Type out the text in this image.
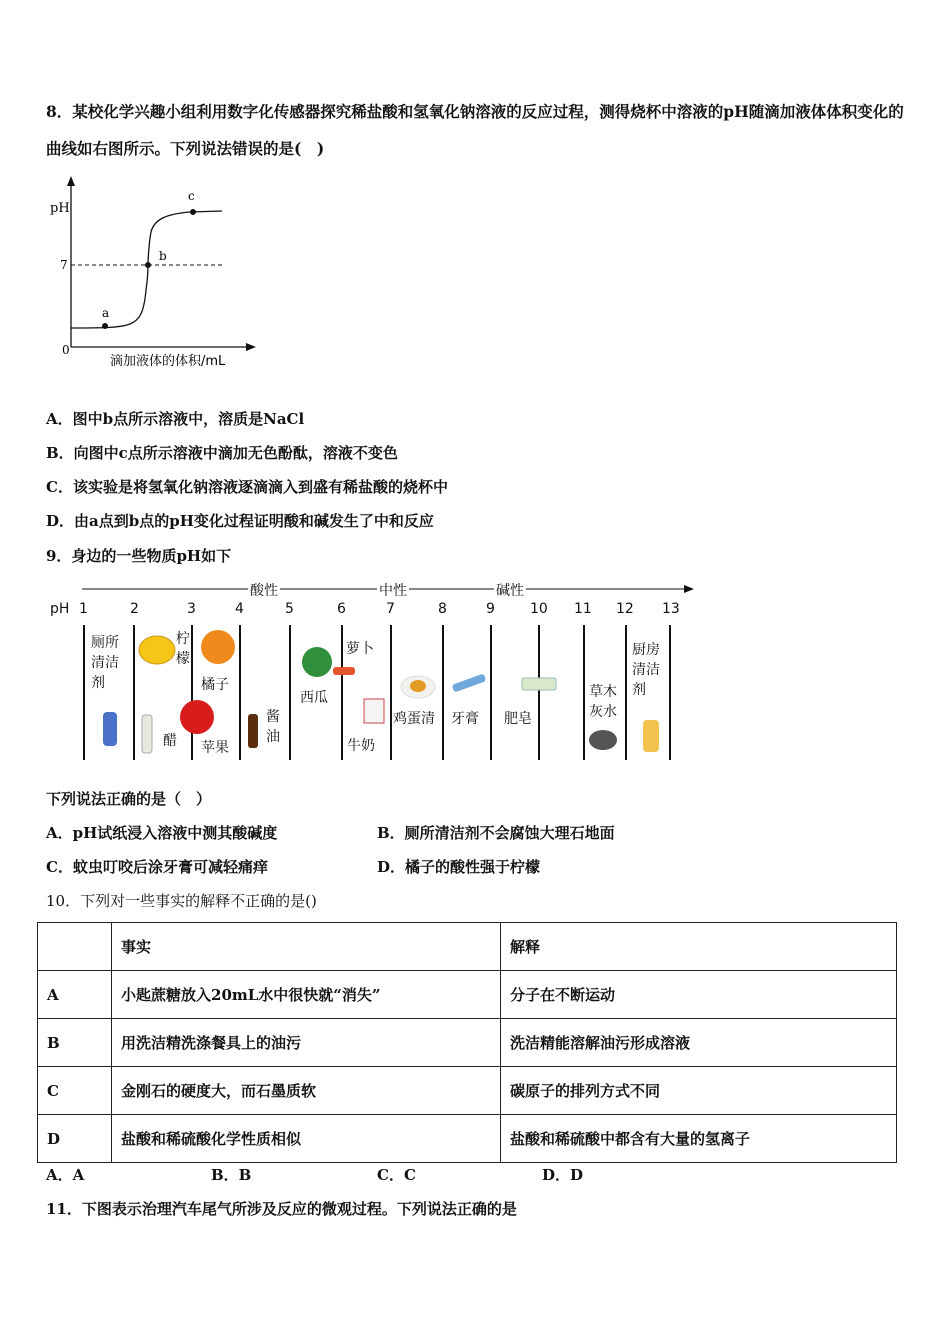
8．某校化学兴趣小组利用数字化传感器探究稀盐酸和氢氧化钠溶液的反应过程，测得烧杯中溶液的pH随滴加液体体积变化的曲线如右图所示。下列说法错误的是(　)
pH
7
0
a
b
c
滴加液体的体积/mL
A．图中b点所示溶液中，溶质是NaCl
B．向图中c点所示溶液中滴加无色酚酞，溶液不变色
C．该实验是将氢氧化钠溶液逐滴滴入到盛有稀盐酸的烧杯中
D．由a点到b点的pH变化过程证明酸和碱发生了中和反应
9．身边的一些物质pH如下
pH 1	2	3	4	5	6	7	8	9	10 11 12 13
酸性	中性	碱性
厕所清洁剂
柠檬
橘子
醋 苹果
酱油
西瓜
萝卜
牛奶
鸡蛋清 牙膏 肥皂
草木灰水
厨房清洁剂
下列说法正确的是（　）
A．pH试纸浸入溶液中测其酸碱度	B．厕所清洁剂不会腐蚀大理石地面
C．蚊虫叮咬后涂牙膏可减轻痛痒	D．橘子的酸性强于柠檬
10．下列对一些事实的解释不正确的是()
	事实	解释
A	小匙蔗糖放入20mL水中很快就“消失”	分子在不断运动
B	用洗洁精洗涤餐具上的油污	洗洁精能溶解油污形成溶液
C	金刚石的硬度大，而石墨质软	碳原子的排列方式不同
D	盐酸和稀硫酸化学性质相似	盐酸和稀硫酸中都含有大量的氢离子
A．A	B．B	C．C	D．D
11．下图表示治理汽车尾气所涉及反应的微观过程。下列说法正确的是
